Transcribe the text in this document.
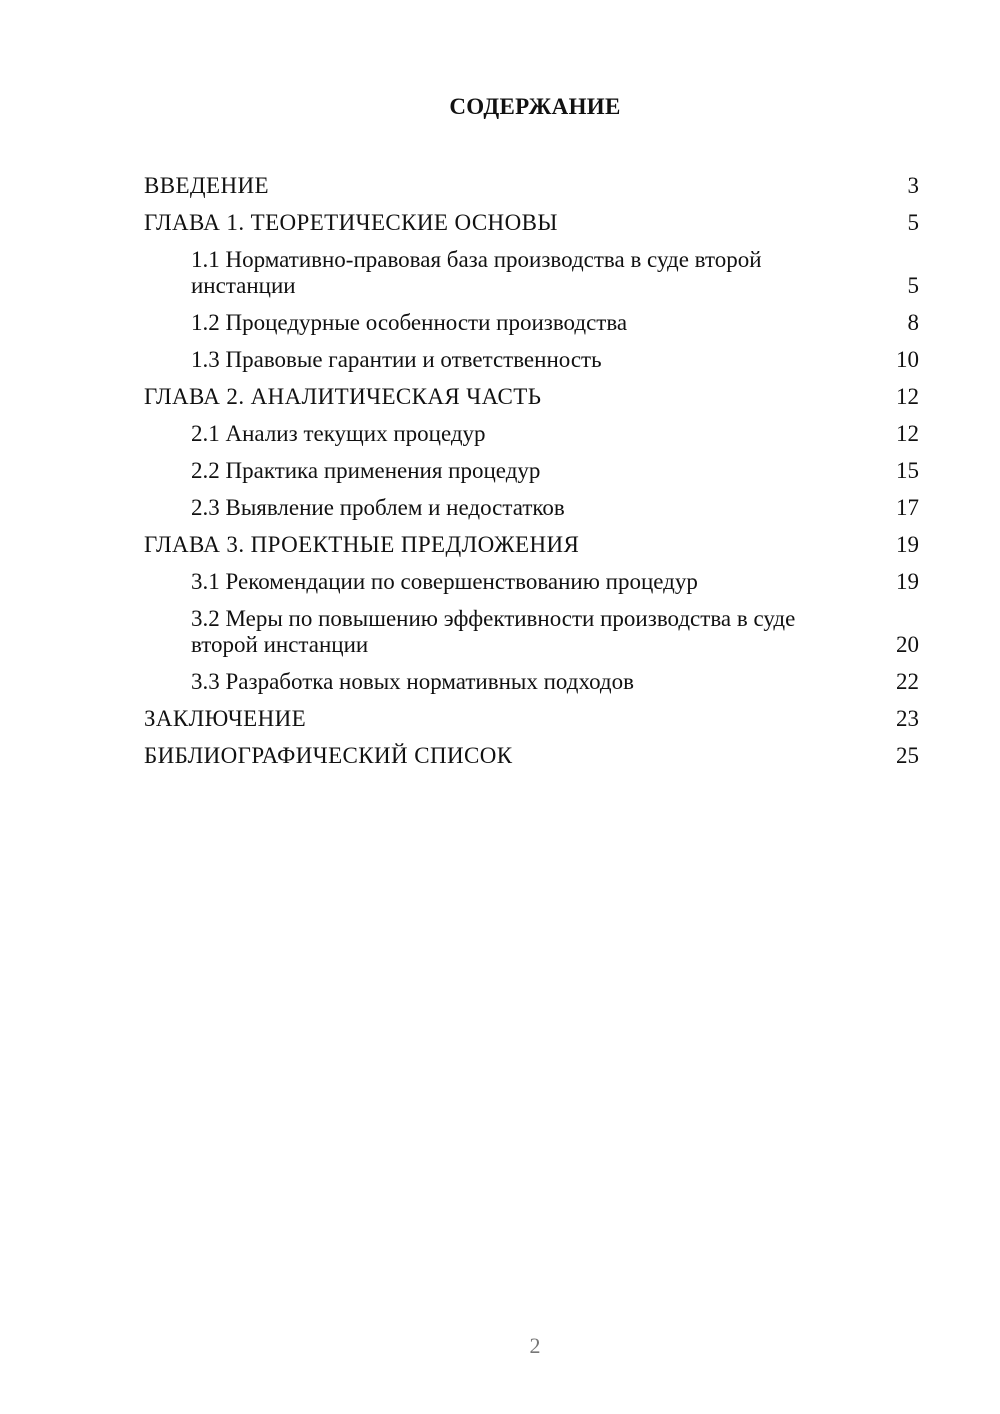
СОДЕРЖАНИЕ
ВВЕДЕНИЕ	3
ГЛАВА 1. ТЕОРЕТИЧЕСКИЕ ОСНОВЫ	5
1.1 Нормативно-правовая база производства в суде второй инстанции	5
1.2 Процедурные особенности производства	8
1.3 Правовые гарантии и ответственность	10
ГЛАВА 2. АНАЛИТИЧЕСКАЯ ЧАСТЬ	12
2.1 Анализ текущих процедур	12
2.2 Практика применения процедур	15
2.3 Выявление проблем и недостатков	17
ГЛАВА 3. ПРОЕКТНЫЕ ПРЕДЛОЖЕНИЯ	19
3.1 Рекомендации по совершенствованию процедур	19
3.2 Меры по повышению эффективности производства в суде второй инстанции	20
3.3 Разработка новых нормативных подходов	22
ЗАКЛЮЧЕНИЕ	23
БИБЛИОГРАФИЧЕСКИЙ СПИСОК	25
2
